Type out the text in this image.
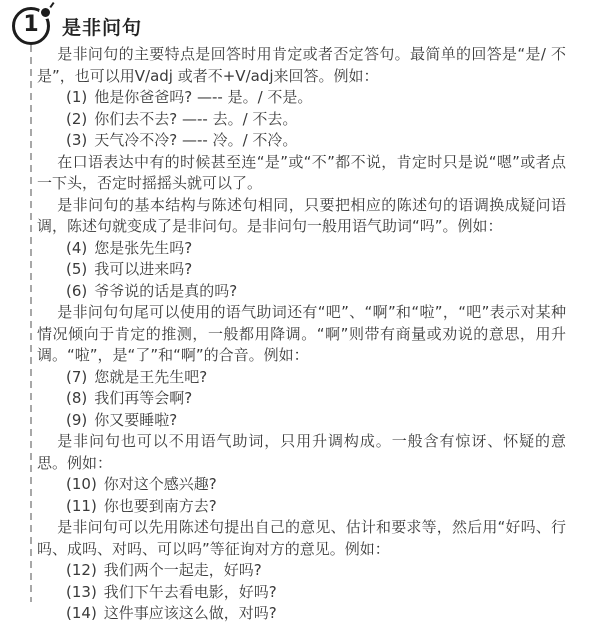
1 是非问句

是非问句的主要特点是回答时用肯定或者否定答句。最简单的回答是“是/ 不是”，也可以用V/adj 或者不+V/adj来回答。例如：

(1) 他是你爸爸吗? —-- 是。/ 不是。

(2) 你们去不去? —-- 去。/ 不去。

(3) 天气冷不冷? —-- 冷。/ 不冷。

在口语表达中有的时候甚至连“是”或“不”都不说，肯定时只是说“嗯”或者点一下头，否定时摇摇头就可以了。

是非问句的基本结构与陈述句相同，只要把相应的陈述句的语调换成疑问语调，陈述句就变成了是非问句。是非问句一般用语气助词“吗”。例如：

(4) 您是张先生吗?

(5) 我可以进来吗?

(6) 爷爷说的话是真的吗?

是非问句句尾可以使用的语气助词还有“吧”、“啊”和“啦”，“吧”表示对某种情况倾向于肯定的推测，一般都用降调。“啊”则带有商量或劝说的意思，用升调。“啦”，是“了”和“啊”的合音。例如：

(7) 您就是王先生吧?

(8) 我们再等会啊?

(9) 你又要睡啦?

是非问句也可以不用语气助词，只用升调构成。一般含有惊讶、怀疑的意思。例如：

(10) 你对这个感兴趣?

(11) 你也要到南方去?

是非问句可以先用陈述句提出自己的意见、估计和要求等，然后用“好吗、行吗、成吗、对吗、可以吗”等征询对方的意见。例如：

(12) 我们两个一起走，好吗?

(13) 我们下午去看电影，好吗?

(14) 这件事应该这么做，对吗?
